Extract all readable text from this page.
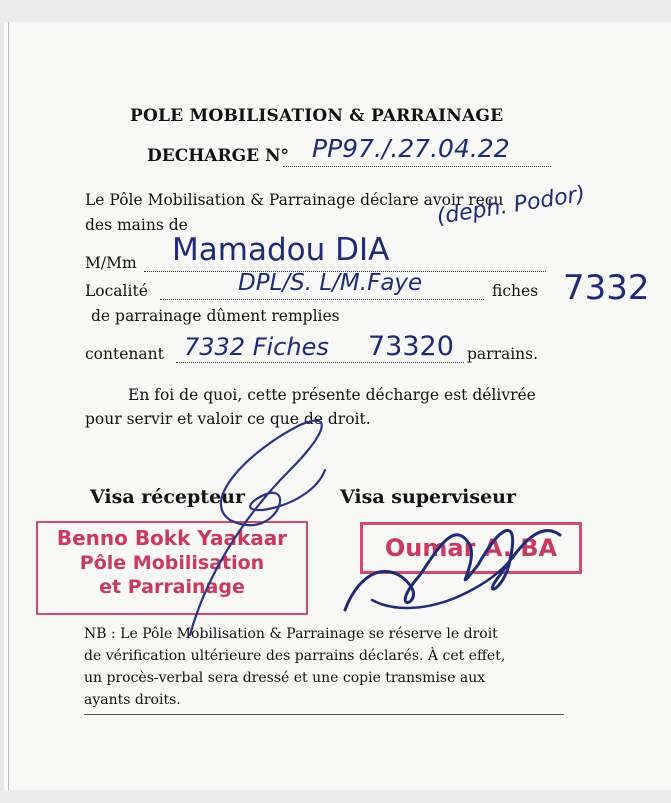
POLE MOBILISATION & PARRAINAGE
DECHARGE N° PP97./.27.04.22
Le Pôle Mobilisation & Parrainage déclare avoir reçu
des mains de	(deph. Podor)
M/Mm Mamadou DIA
Localité	DPL/S. L/M.Faye	fiches 7332
de parrainage dûment remplies
contenant 7332 Fiches 73320 parrains.
En foi de quoi, cette présente décharge est délivrée
pour servir et valoir ce que de droit.
Visa récepteur	Visa superviseur
Benno Bokk Yaakaar
Pôle Mobilisation
et Parrainage
Oumar A. BA
NB : Le Pôle Mobilisation & Parrainage se réserve le droit
de vérification ultérieure des parrains déclarés. À cet effet,
un procès-verbal sera dressé et une copie transmise aux
ayants droits.
